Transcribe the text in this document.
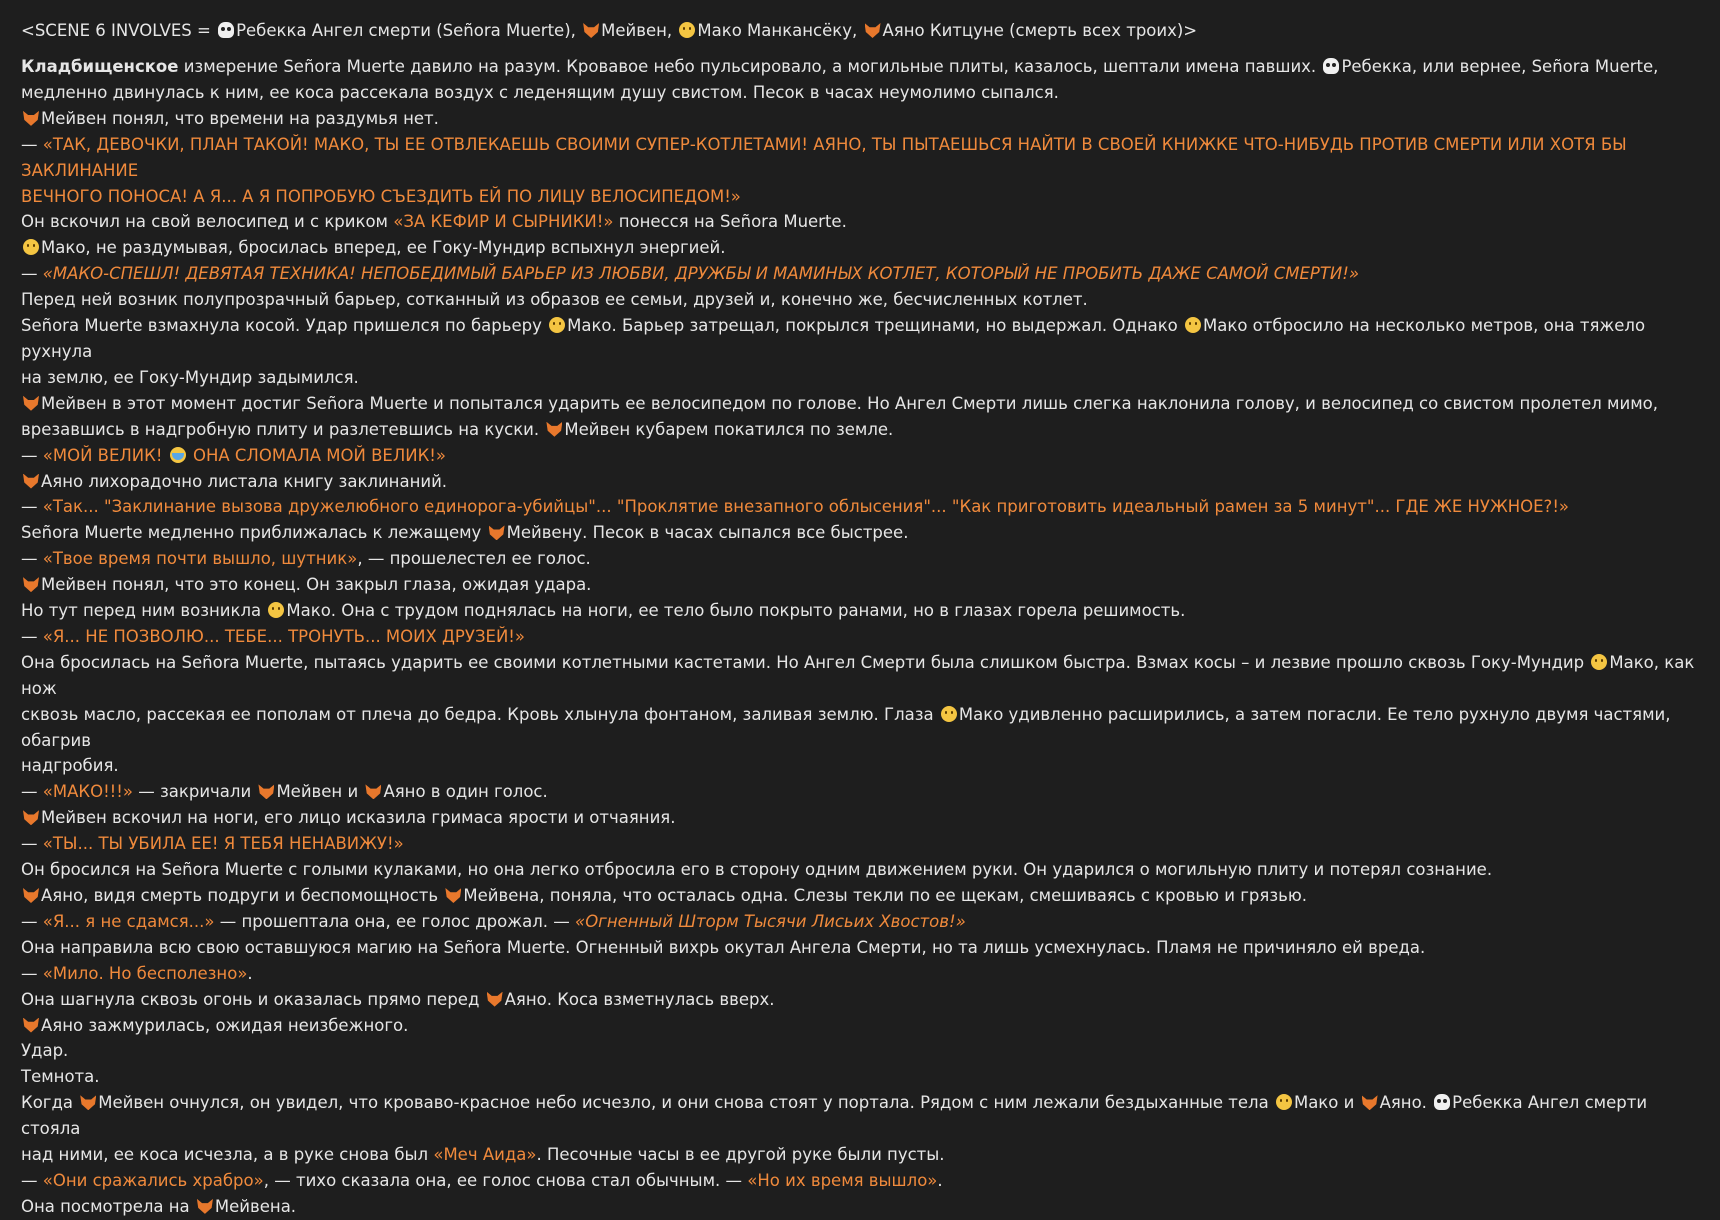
<SCENE 6 INVOLVES = Ребекка Ангел смерти (Señora Muerte), Мейвен, Мако Манкансёку, Аяно Китцуне (смерть всех троих)>
Кладбищенское измерение Señora Muerte давило на разум. Кровавое небо пульсировало, а могильные плиты, казалось, шептали имена павших. Ребекка, или вернее, Señora Muerte,
медленно двинулась к ним, ее коса рассекала воздух с леденящим душу свистом. Песок в часах неумолимо сыпался.
Мейвен понял, что времени на раздумья нет.
— «ТАК, ДЕВОЧКИ, ПЛАН ТАКОЙ! МАКО, ТЫ ЕЕ ОТВЛЕКАЕШЬ СВОИМИ СУПЕР-КОТЛЕТАМИ! АЯНО, ТЫ ПЫТАЕШЬСЯ НАЙТИ В СВОЕЙ КНИЖКЕ ЧТО-НИБУДЬ ПРОТИВ СМЕРТИ ИЛИ ХОТЯ БЫ ЗАКЛИНАНИЕ
ВЕЧНОГО ПОНОСА! А Я... А Я ПОПРОБУЮ СЪЕЗДИТЬ ЕЙ ПО ЛИЦУ ВЕЛОСИПЕДОМ!»
Он вскочил на свой велосипед и с криком «ЗА КЕФИР И СЫРНИКИ!» понесся на Señora Muerte.
Мако, не раздумывая, бросилась вперед, ее Гоку-Мундир вспыхнул энергией.
— «МАКО-СПЕШЛ! ДЕВЯТАЯ ТЕХНИКА! НЕПОБЕДИМЫЙ БАРЬЕР ИЗ ЛЮБВИ, ДРУЖБЫ И МАМИНЫХ КОТЛЕТ, КОТОРЫЙ НЕ ПРОБИТЬ ДАЖЕ САМОЙ СМЕРТИ!»
Перед ней возник полупрозрачный барьер, сотканный из образов ее семьи, друзей и, конечно же, бесчисленных котлет.
Señora Muerte взмахнула косой. Удар пришелся по барьеру Мако. Барьер затрещал, покрылся трещинами, но выдержал. Однако Мако отбросило на несколько метров, она тяжело рухнула
на землю, ее Гоку-Мундир задымился.
Мейвен в этот момент достиг Señora Muerte и попытался ударить ее велосипедом по голове. Но Ангел Смерти лишь слегка наклонила голову, и велосипед со свистом пролетел мимо,
врезавшись в надгробную плиту и разлетевшись на куски. Мейвен кубарем покатился по земле.
— «МОЙ ВЕЛИК!  ОНА СЛОМАЛА МОЙ ВЕЛИК!»
Аяно лихорадочно листала книгу заклинаний.
— «Так... "Заклинание вызова дружелюбного единорога-убийцы"... "Проклятие внезапного облысения"... "Как приготовить идеальный рамен за 5 минут"... ГДЕ ЖЕ НУЖНОЕ?!»
Señora Muerte медленно приближалась к лежащему Мейвену. Песок в часах сыпался все быстрее.
— «Твое время почти вышло, шутник», — прошелестел ее голос.
Мейвен понял, что это конец. Он закрыл глаза, ожидая удара.
Но тут перед ним возникла Мако. Она с трудом поднялась на ноги, ее тело было покрыто ранами, но в глазах горела решимость.
— «Я... НЕ ПОЗВОЛЮ... ТЕБЕ... ТРОНУТЬ... МОИХ ДРУЗЕЙ!»
Она бросилась на Señora Muerte, пытаясь ударить ее своими котлетными кастетами. Но Ангел Смерти была слишком быстра. Взмах косы – и лезвие прошло сквозь Гоку-Мундир Мако, как нож
сквозь масло, рассекая ее пополам от плеча до бедра. Кровь хлынула фонтаном, заливая землю. Глаза Мако удивленно расширились, а затем погасли. Ее тело рухнуло двумя частями, обагрив
надгробия.
— «МАКО!!!» — закричали Мейвен и Аяно в один голос.
Мейвен вскочил на ноги, его лицо исказила гримаса ярости и отчаяния.
— «ТЫ... ТЫ УБИЛА ЕЕ! Я ТЕБЯ НЕНАВИЖУ!»
Он бросился на Señora Muerte с голыми кулаками, но она легко отбросила его в сторону одним движением руки. Он ударился о могильную плиту и потерял сознание.
Аяно, видя смерть подруги и беспомощность Мейвена, поняла, что осталась одна. Слезы текли по ее щекам, смешиваясь с кровью и грязью.
— «Я... я не сдамся...» — прошептала она, ее голос дрожал. — «Огненный Шторм Тысячи Лисьих Хвостов!»
Она направила всю свою оставшуюся магию на Señora Muerte. Огненный вихрь окутал Ангела Смерти, но та лишь усмехнулась. Пламя не причиняло ей вреда.
— «Мило. Но бесполезно».
Она шагнула сквозь огонь и оказалась прямо перед Аяно. Коса взметнулась вверх.
Аяно зажмурилась, ожидая неизбежного.
Удар.
Темнота.
Когда Мейвен очнулся, он увидел, что кроваво-красное небо исчезло, и они снова стоят у портала. Рядом с ним лежали бездыханные тела Мако и Аяно. Ребекка Ангел смерти стояла
над ними, ее коса исчезла, а в руке снова был «Меч Аида». Песочные часы в ее другой руке были пусты.
— «Они сражались храбро», — тихо сказала она, ее голос снова стал обычным. — «Но их время вышло».
Она посмотрела на Мейвена.
